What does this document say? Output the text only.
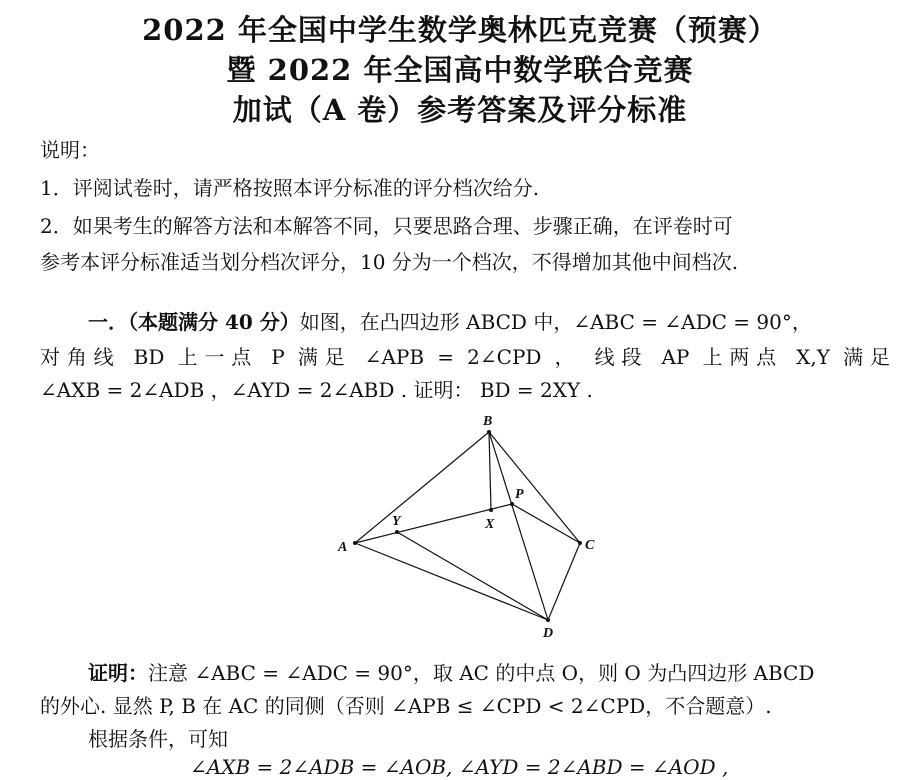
2022 年全国中学生数学奥林匹克竞赛（预赛）
暨 2022 年全国高中数学联合竞赛
加试（A 卷）参考答案及评分标准
说明：
1．评阅试卷时，请严格按照本评分标准的评分档次给分.
2．如果考生的解答方法和本解答不同，只要思路合理、步骤正确，在评卷时可
参考本评分标准适当划分档次评分，10 分为一个档次，不得增加其他中间档次.
一．（本题满分 40 分）如图，在凸四边形 ABCD 中，∠ABC = ∠ADC = 90°，
对角线 BD 上一点 P 满足 ∠APB = 2∠CPD ， 线段 AP 上两点 X,Y 满足
∠AXB = 2∠ADB ，∠AYD = 2∠ABD . 证明： BD = 2XY .
A
B
C
D
P
X
Y
证明：注意 ∠ABC = ∠ADC = 90°，取 AC 的中点 O，则 O 为凸四边形 ABCD
的外心. 显然 P, B 在 AC 的同侧（否则 ∠APB ≤ ∠CPD < 2∠CPD，不合题意）.
根据条件，可知
∠AXB = 2∠ADB = ∠AOB, ∠AYD = 2∠ABD = ∠AOD ,
